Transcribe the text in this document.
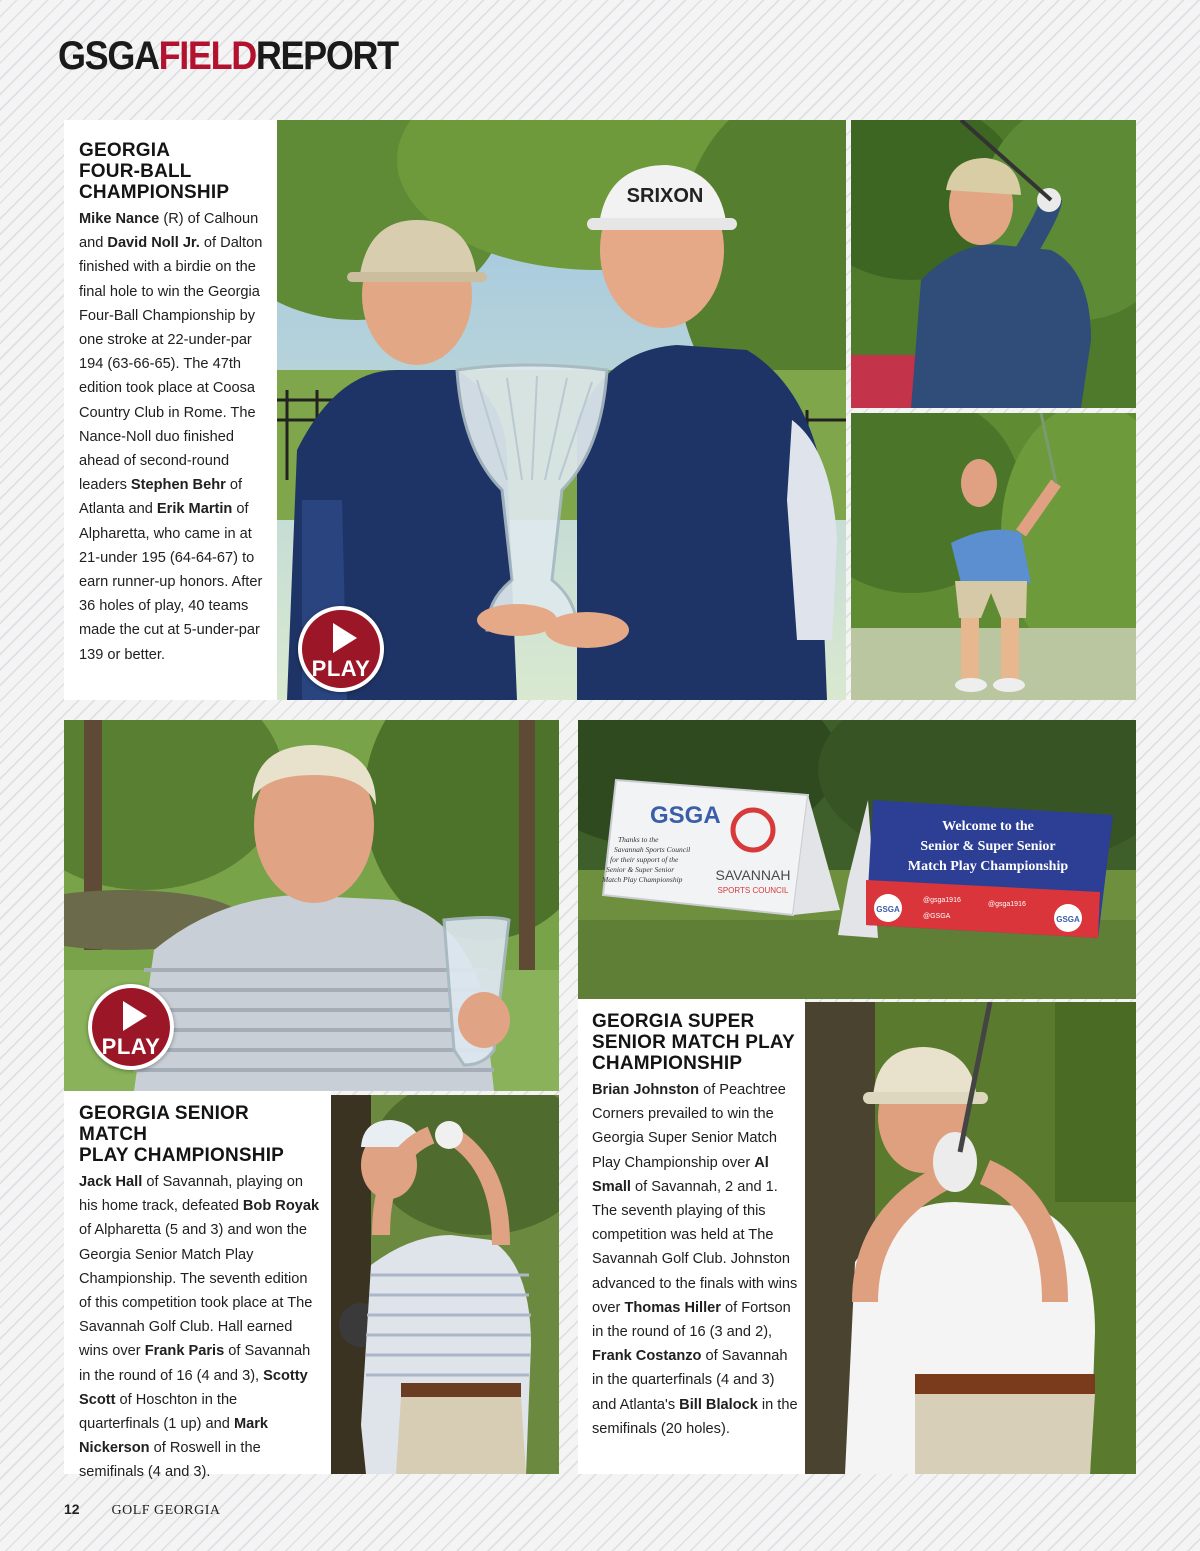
GSGAFIELDREPORT
GEORGIA
FOUR-BALL
CHAMPIONSHIP
Mike Nance (R) of Calhoun and David Noll Jr. of Dalton finished with a birdie on the final hole to win the Georgia Four-Ball Championship by one stroke at 22-under-par 194 (63-66-65). The 47th edition took place at Coosa Country Club in Rome. The Nance-Noll duo finished ahead of second-round leaders Stephen Behr of Atlanta and Erik Martin of Alpharetta, who came in at 21-under 195 (64-64-67) to earn runner-up honors. After 36 holes of play, 40 teams made the cut at 5-under-par 139 or better.
SRIXON
PLAY
PLAY
GEORGIA SENIOR MATCH
PLAY CHAMPIONSHIP
Jack Hall of Savannah, playing on his home track, defeated Bob Royak of Alpharetta (5 and 3) and won the Georgia Senior Match Play Championship. The seventh edition of this competition took place at The Savannah Golf Club. Hall earned wins over Frank Paris of Savannah in the round of 16 (4 and 3), Scotty Scott of Hoschton in the quarterfinals (1 up) and Mark Nickerson of Roswell in the semifinals (4 and 3).
GSGA
Thanks to the
Savannah Sports Council
for their support of the
Senior & Super Senior
Match Play Championship SAVANNAH
SPORTS COUNCIL
Welcome to the
Senior & Super Senior
Match Play Championship
GSGA
GSGA
@gsga1916
@gsga1916
@GSGA
GEORGIA SUPER
SENIOR MATCH PLAY
CHAMPIONSHIP
Brian Johnston of Peachtree Corners prevailed to win the Georgia Super Senior Match Play Championship over Al Small of Savannah, 2 and 1. The seventh playing of this competition was held at The Savannah Golf Club. Johnston advanced to the finals with wins over Thomas Hiller of Fortson in the round of 16 (3 and 2), Frank Costanzo of Savannah in the quarterfinals (4 and 3) and Atlanta's Bill Blalock in the semifinals (20 holes).
12 GOLF GEORGIA
